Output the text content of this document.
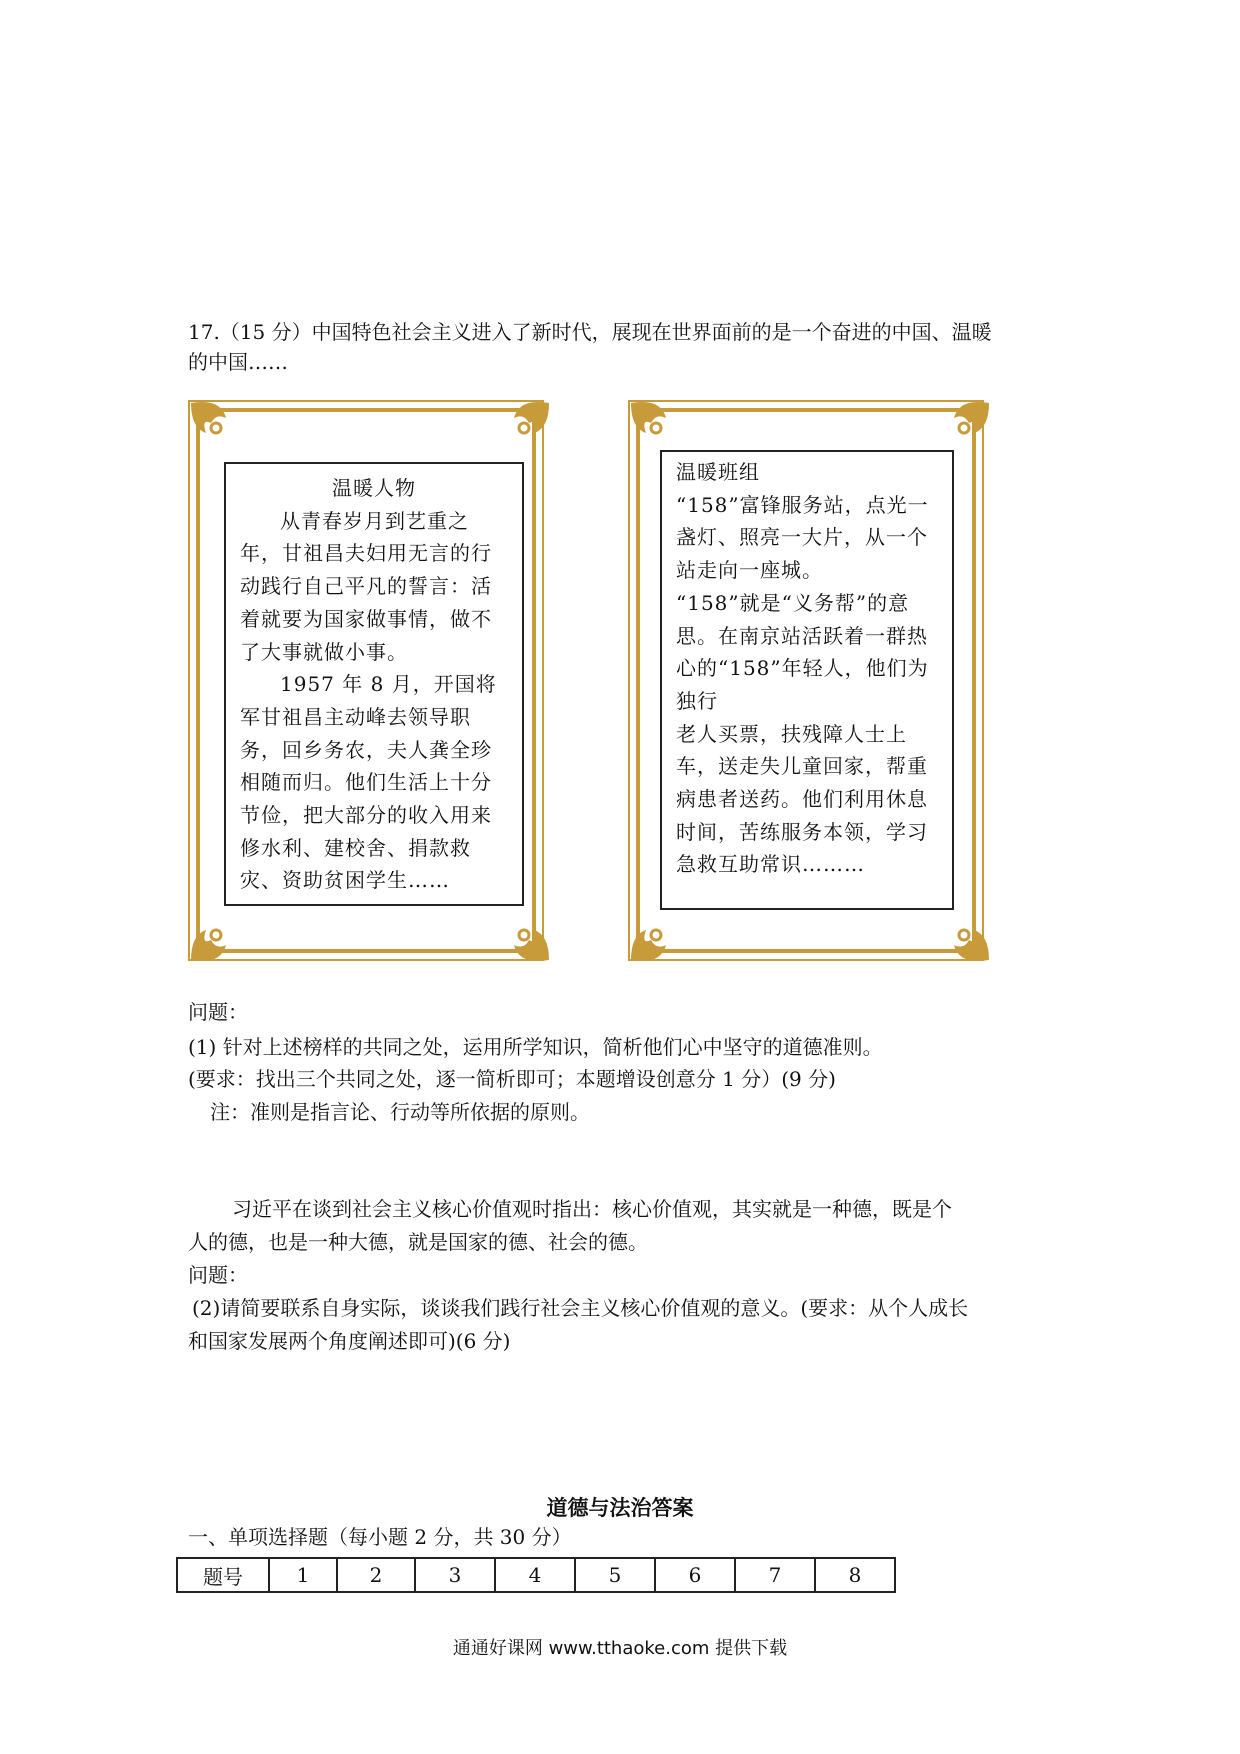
17.（15 分）中国特色社会主义进入了新时代，展现在世界面前的是一个奋进的中国、温暖
的中国……

温暖人物

从青春岁月到艺重之年，甘祖昌夫妇用无言的行动践行自己平凡的誓言：活着就要为国家做事情，做不了大事就做小事。

1957 年 8 月，开国将军甘祖昌主动峰去领导职务，回乡务农，夫人龚全珍相随而归。他们生活上十分节俭，把大部分的收入用来修水利、建校舍、捐款救灾、资助贫困学生……

温暖班组

“158”富锋服务站，点光一盏灯、照亮一大片，从一个站走向一座城。

“158”就是“义务帮”的意思。在南京站活跃着一群热心的“158”年轻人，他们为独行

老人买票，扶残障人士上车，送走失儿童回家，帮重病患者送药。他们利用休息时间，苦练服务本领，学习急救互助常识………

问题：
(1) 针对上述榜样的共同之处，运用所学知识，简析他们心中坚守的道德准则。
(要求：找出三个共同之处，逐一简析即可；本题增设创意分 1 分）(9 分)
注：准则是指言论、行动等所依据的原则。
习近平在谈到社会主义核心价值观时指出：核心价值观，其实就是一种德，既是个
人的德，也是一种大德，就是国家的德、社会的德。
问题：
(2)请简要联系自身实际，谈谈我们践行社会主义核心价值观的意义。(要求：从个人成长
和国家发展两个角度阐述即可)(6 分)
道德与法治答案
一、单项选择题（每小题 2 分，共 30 分）
题号	1	2	3	4	5	6	7	8
通通好课网 www.tthaoke.com 提供下载
